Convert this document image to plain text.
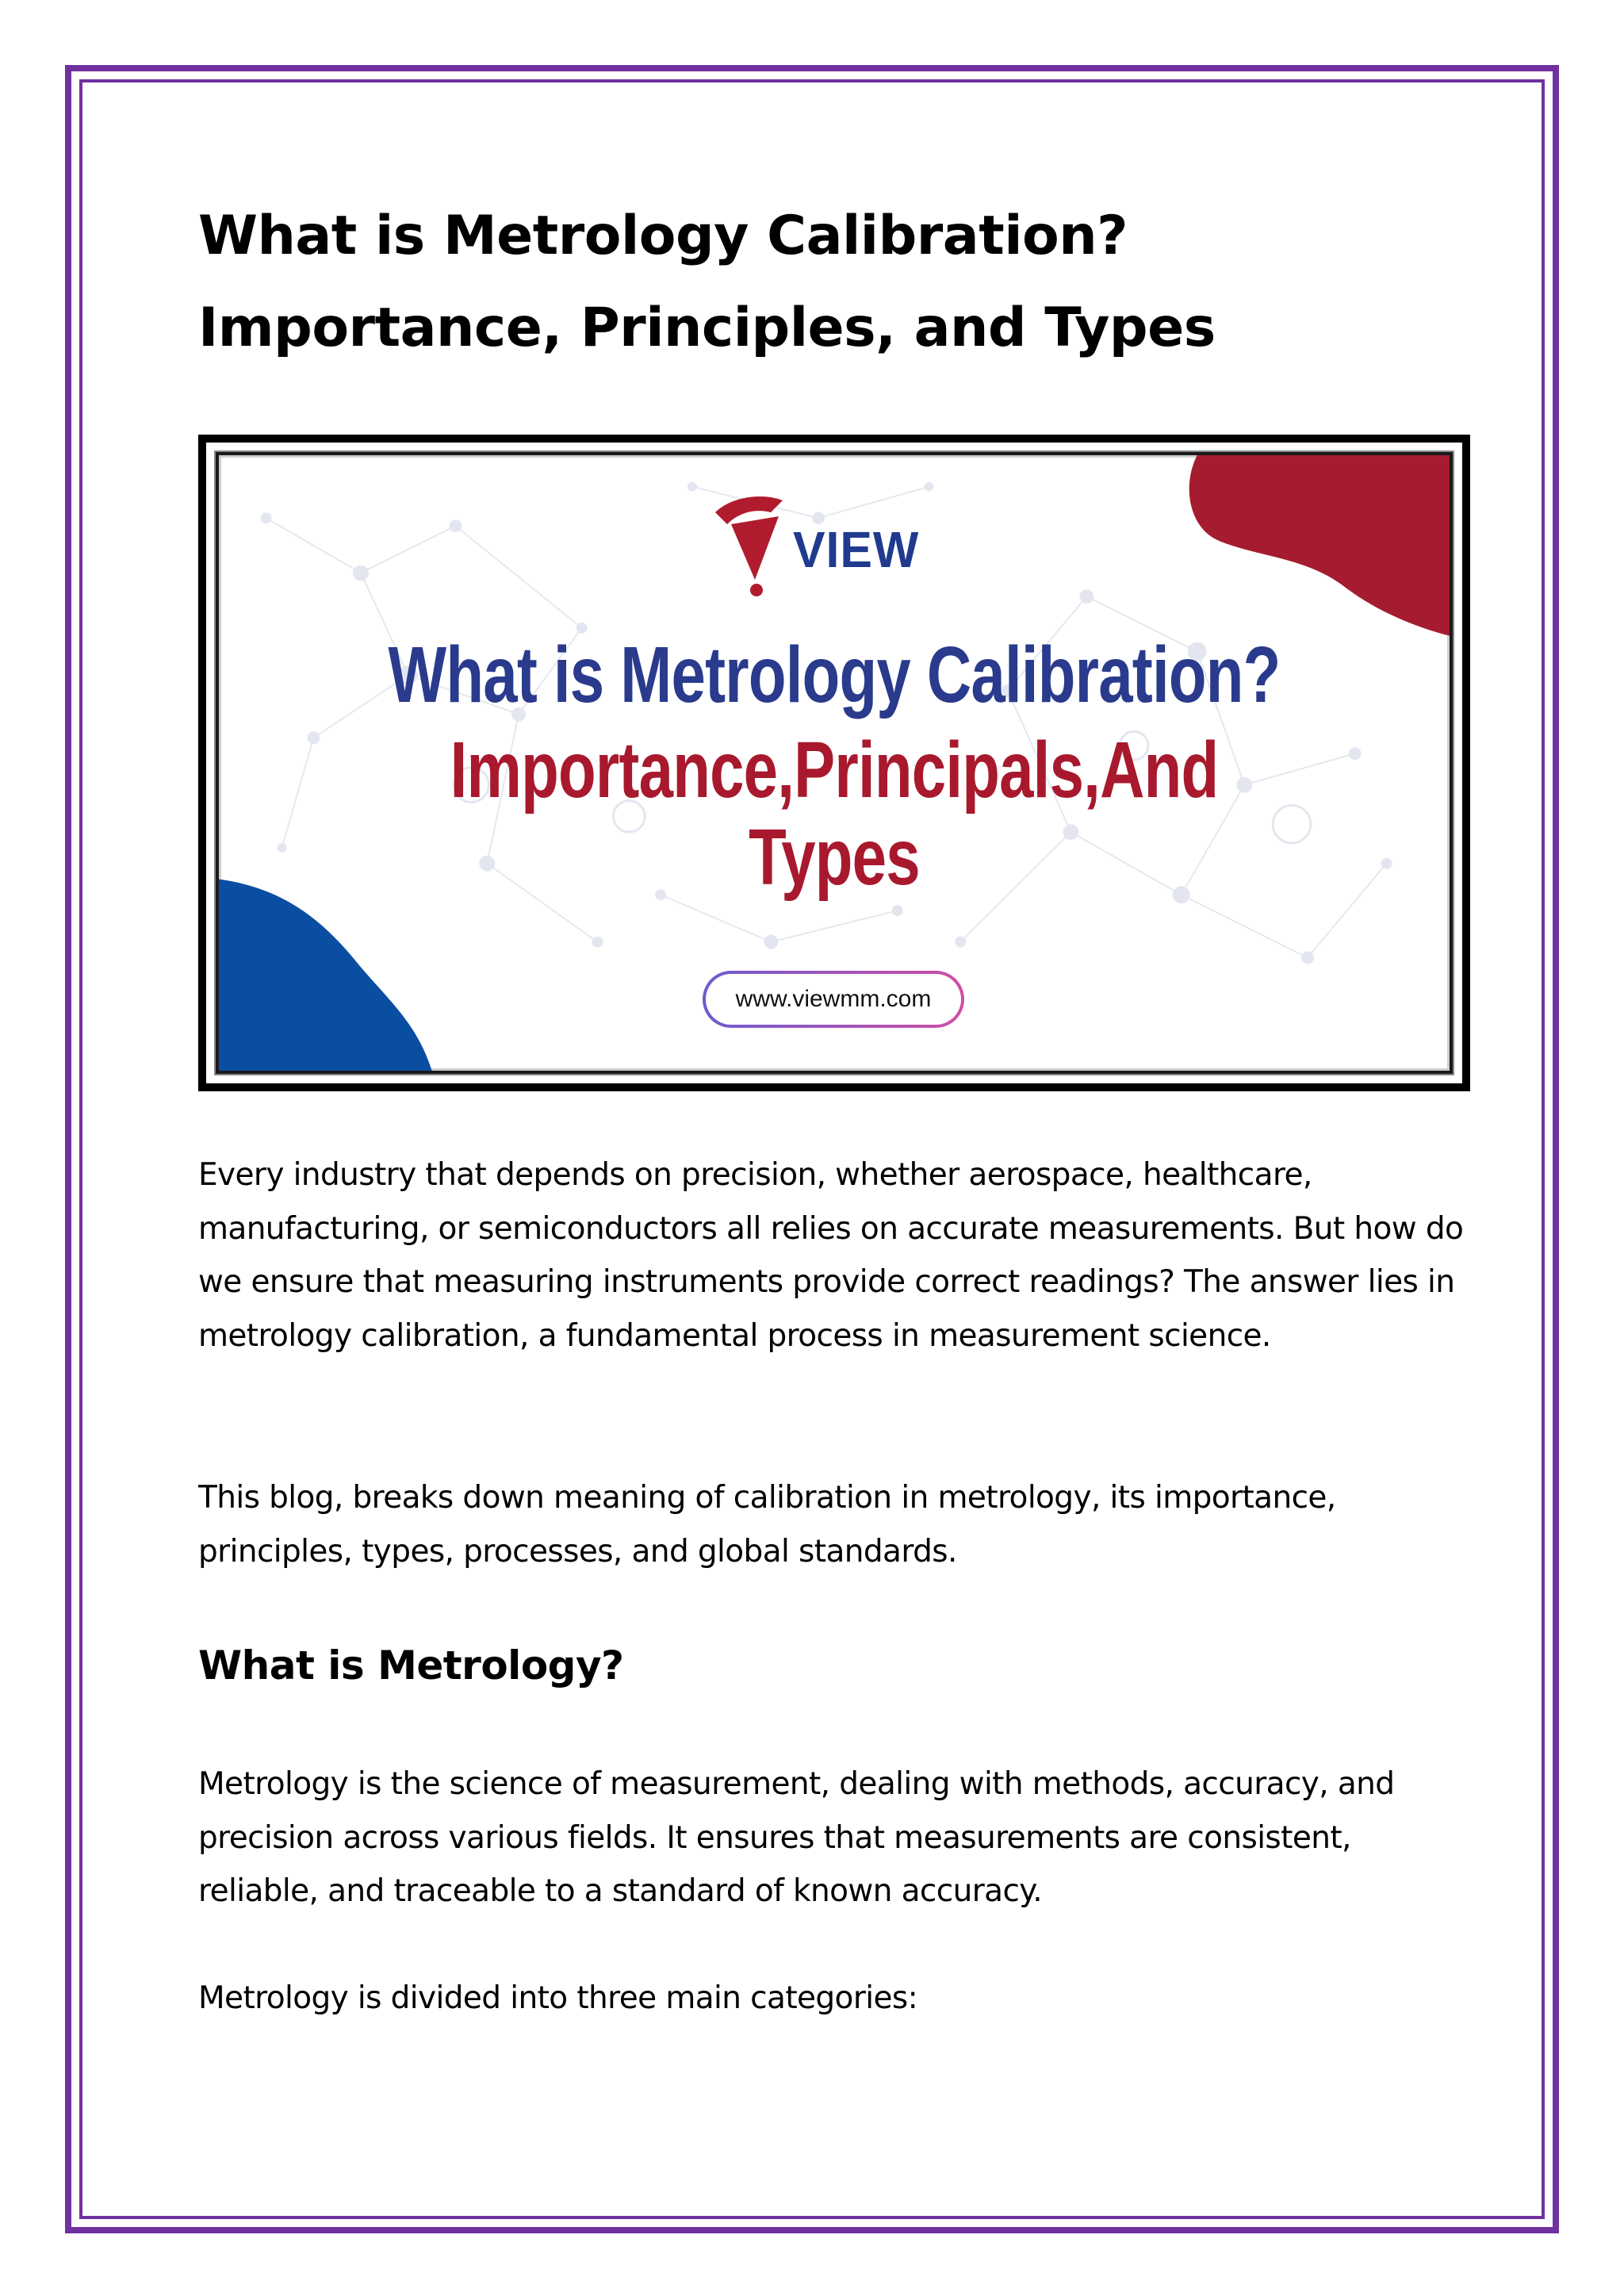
What is Metrology Calibration? Importance, Principles, and Types
VIEW

What is Metrology Calibration?

Importance,Principals,And

Types

www.viewmm.com

Every industry that depends on precision, whether aerospace, healthcare, manufacturing, or semiconductors all relies on accurate measurements. But how do we ensure that measuring instruments provide correct readings? The answer lies in metrology calibration, a fundamental process in measurement science.

This blog, breaks down meaning of calibration in metrology, its importance, principles, types, processes, and global standards.

What is Metrology?

Metrology is the science of measurement, dealing with methods, accuracy, and precision across various fields. It ensures that measurements are consistent, reliable, and traceable to a standard of known accuracy.

Metrology is divided into three main categories:
